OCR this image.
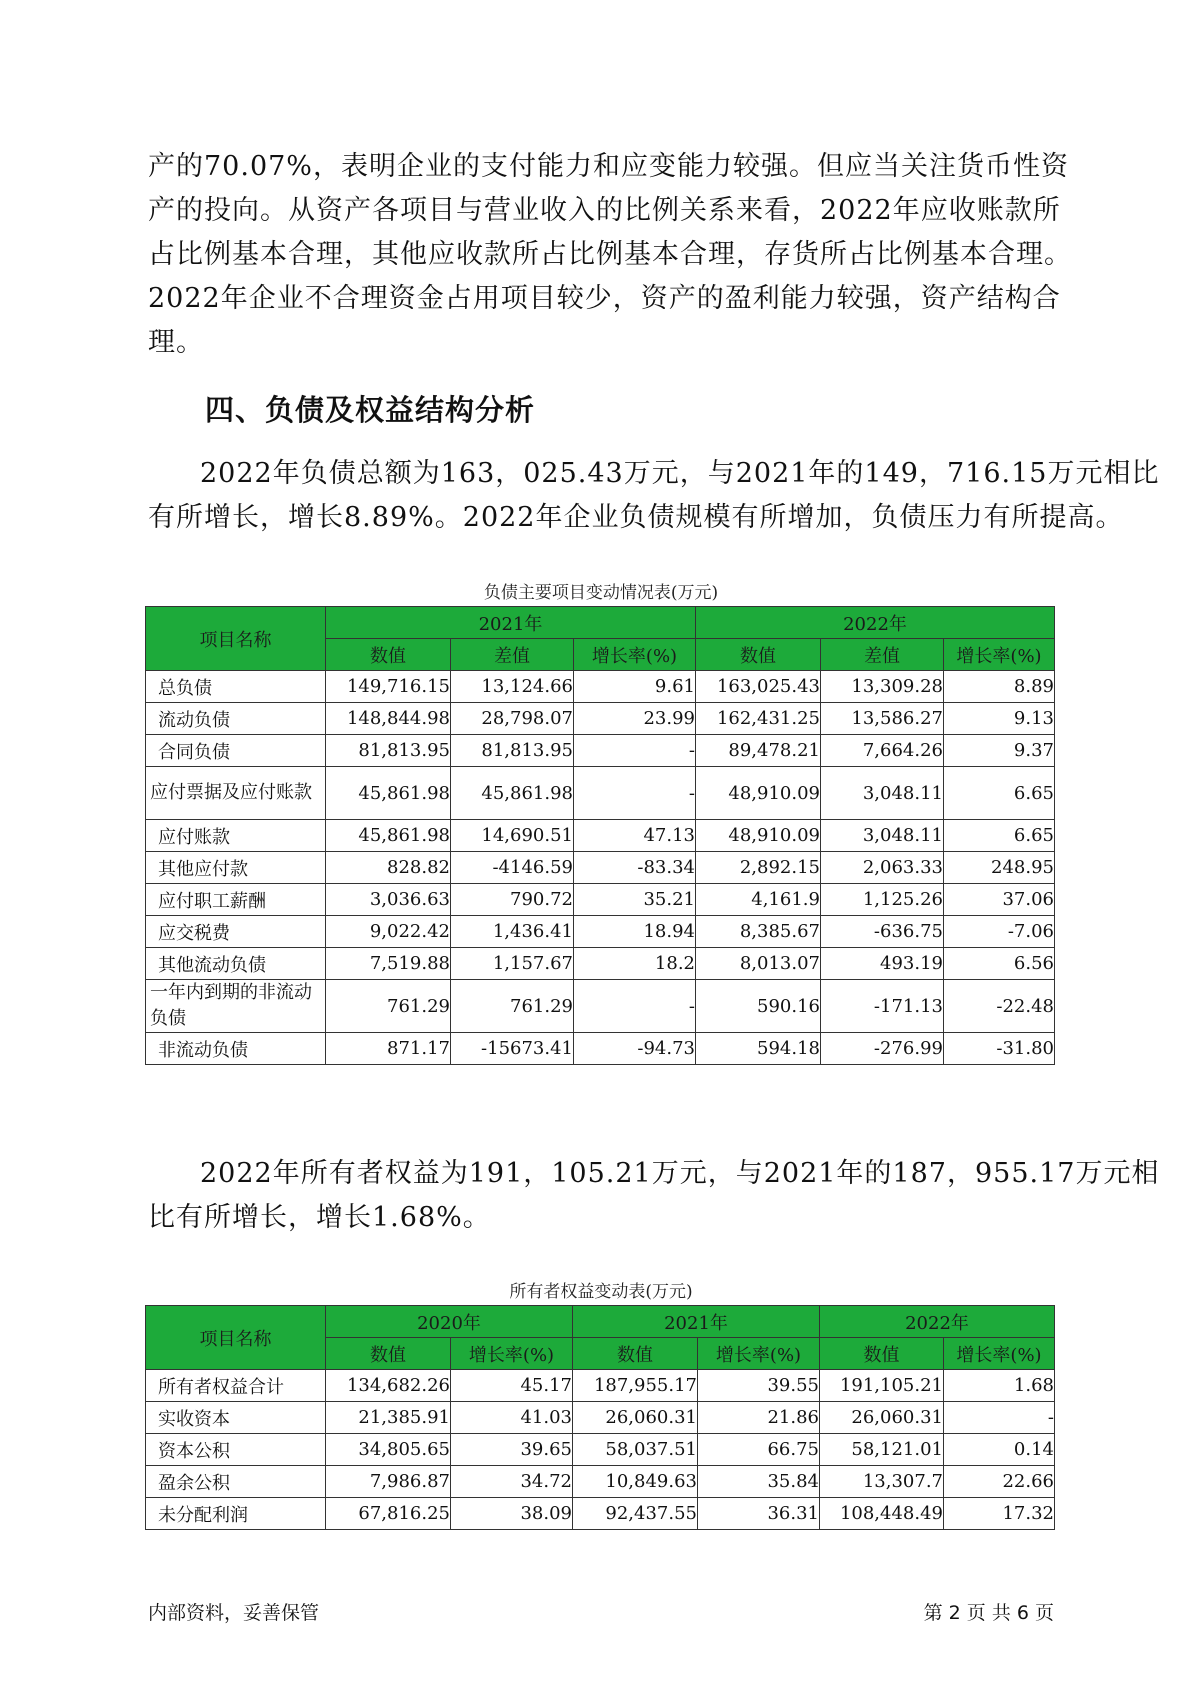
产的70.07%，表明企业的支付能力和应变能力较强。但应当关注货币性资
产的投向。从资产各项目与营业收入的比例关系来看，2022年应收账款所
占比例基本合理，其他应收款所占比例基本合理，存货所占比例基本合理。
2022年企业不合理资金占用项目较少，资产的盈利能力较强，资产结构合
理。

四、负债及权益结构分析

2022年负债总额为163，025.43万元，与2021年的149，716.15万元相比
有所增长，增长8.89%。2022年企业负债规模有所增加，负债压力有所提高。

负债主要项目变动情况表(万元)

项目名称	2021年			2022年		
	数值	差值	增长率(%)	数值	差值	增长率(%)
总负债	149,716.15	13,124.66	9.61	163,025.43	13,309.28	8.89
流动负债	148,844.98	28,798.07	23.99	162,431.25	13,586.27	9.13
合同负债	81,813.95	81,813.95	-	89,478.21	7,664.26	9.37
应付票据及应付账款	45,861.98	45,861.98	-	48,910.09	3,048.11	6.65
应付账款	45,861.98	14,690.51	47.13	48,910.09	3,048.11	6.65
其他应付款	828.82	-4146.59	-83.34	2,892.15	2,063.33	248.95
应付职工薪酬	3,036.63	790.72	35.21	4,161.9	1,125.26	37.06
应交税费	9,022.42	1,436.41	18.94	8,385.67	-636.75	-7.06
其他流动负债	7,519.88	1,157.67	18.2	8,013.07	493.19	6.56
一年内到期的非流动负债	761.29	761.29	-	590.16	-171.13	-22.48
非流动负债	871.17	-15673.41	-94.73	594.18	-276.99	-31.80

2022年所有者权益为191，105.21万元，与2021年的187，955.17万元相
比有所增长，增长1.68%。

所有者权益变动表(万元)

项目名称	2020年		2021年		2022年	
	数值	增长率(%)	数值	增长率(%)	数值	增长率(%)
所有者权益合计	134,682.26	45.17	187,955.17	39.55	191,105.21	1.68
实收资本	21,385.91	41.03	26,060.31	21.86	26,060.31	-
资本公积	34,805.65	39.65	58,037.51	66.75	58,121.01	0.14
盈余公积	7,986.87	34.72	10,849.63	35.84	13,307.7	22.66
未分配利润	67,816.25	38.09	92,437.55	36.31	108,448.49	17.32
内部资料，妥善保管	第 2 页 共 6 页
